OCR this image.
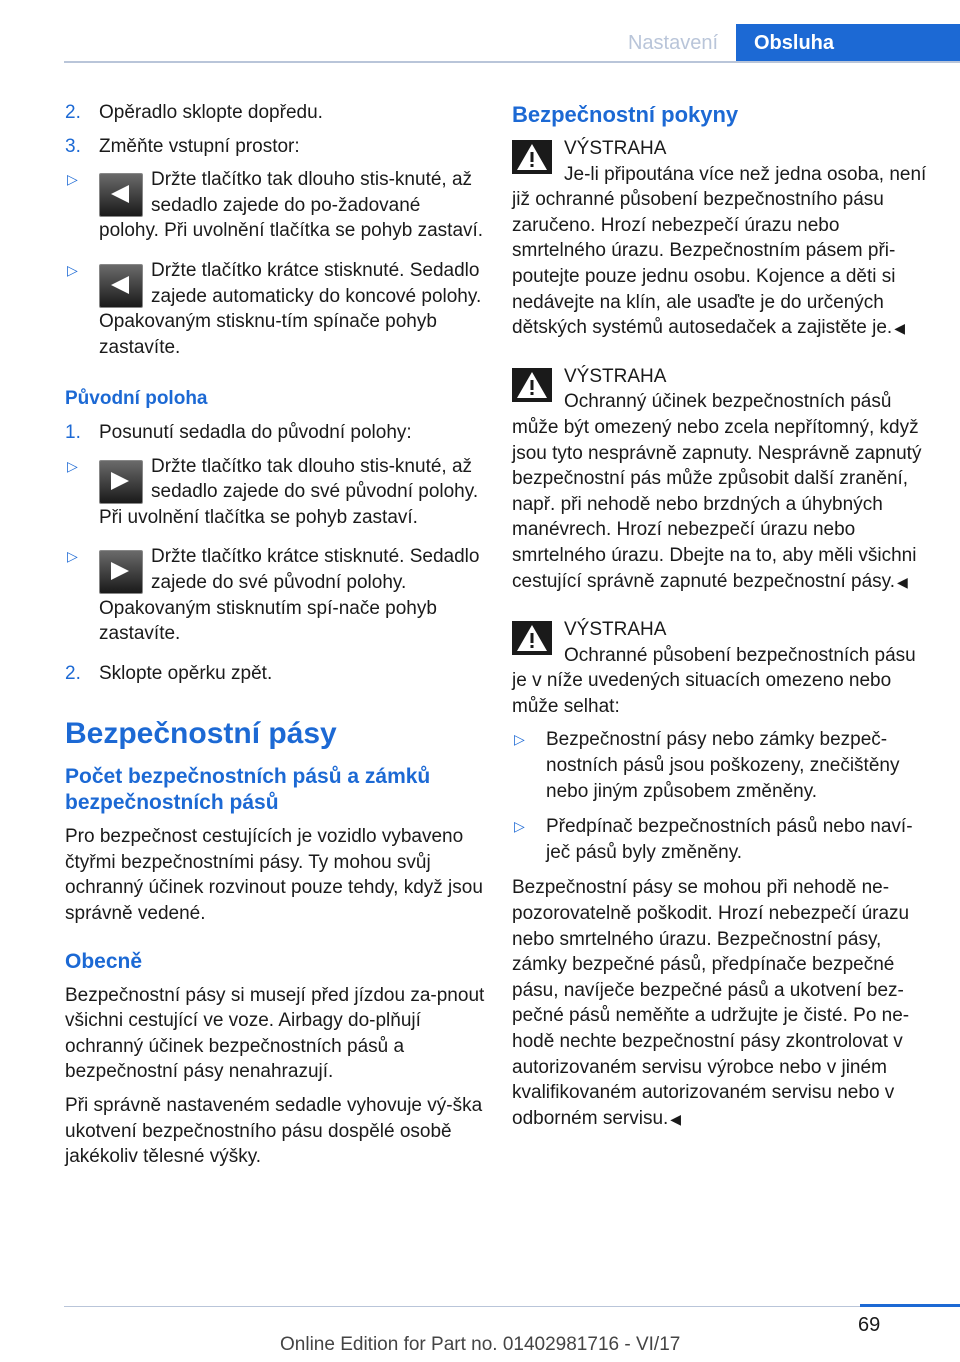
Nastavení	Obsluha
2. Opěradlo sklopte dopředu.
3. Změňte vstupní prostor:
▷	Držte tlačítko tak dlouho stis-knuté, až sedadlo zajede do po-žadované polohy. Při uvolnění tlačítka se pohyb zastaví.
▷	Držte tlačítko krátce stisknuté. Sedadlo zajede automaticky do koncové polohy. Opakovaným stisknu-tím spínače pohyb zastavíte.
Původní poloha
1. Posunutí sedadla do původní polohy:
▷	Držte tlačítko tak dlouho stis-knuté, až sedadlo zajede do své původní polohy. Při uvolnění tlačítka se pohyb zastaví.
▷	Držte tlačítko krátce stisknuté. Sedadlo zajede do své původní polohy. Opakovaným stisknutím spí-nače pohyb zastavíte.
2. Sklopte opěrku zpět.
Bezpečnostní pásy
Počet bezpečnostních pásů a zámků bezpečnostních pásů

Pro bezpečnost cestujících je vozidlo vybaveno čtyřmi bezpečnostními pásy. Ty mohou svůj ochranný účinek rozvinout pouze tehdy, když jsou správně vedené.

Obecně

Bezpečnostní pásy si musejí před jízdou za-pnout všichni cestující ve voze. Airbagy do-plňují ochranný účinek bezpečnostních pásů a bezpečnostní pásy nenahrazují.

Při správně nastaveném sedadle vyhovuje vý-ška ukotvení bezpečnostního pásu dospělé osobě jakékoliv tělesné výšky.

Bezpečnostní pokyny
VÝSTRAHA
Je-li připoutána více než jedna osoba, není již ochranné působení bezpečnostního pásu zaručeno. Hrozí nebezpečí úrazu nebo smrtelného úrazu. Bezpečnostním pásem při-poutejte pouze jednu osobu. Kojence a děti si nedávejte na klín, ale usaďte je do určených dětských systémů autosedaček a zajistěte je. ◀
VÝSTRAHA
Ochranný účinek bezpečnostních pásů může být omezený nebo zcela nepřítomný, když jsou tyto nesprávně zapnuty. Nesprávně zapnutý bezpečnostní pás může způsobit další zranění, např. při nehodě nebo brzdných a úhybných manévrech. Hrozí nebezpečí úrazu nebo smrtelného úrazu. Dbejte na to, aby měli všichni cestující správně zapnuté bezpečnostní pásy. ◀
VÝSTRAHA
Ochranné působení bezpečnostních pásu je v níže uvedených situacích omezeno nebo může selhat:
▷ Bezpečnostní pásy nebo zámky bezpeč-nostních pásů jsou poškozeny, znečištěny nebo jiným způsobem změněny.
▷ Předpínač bezpečnostních pásů nebo naví-ječ pásů byly změněny.

Bezpečnostní pásy se mohou při nehodě ne-pozorovatelně poškodit. Hrozí nebezpečí úrazu nebo smrtelného úrazu. Bezpečnostní pásy, zámky bezpečné pásů, předpínače bezpečné pásu, navíječe bezpečné pásů a ukotvení bez-pečné pásů neměňte a udržujte je čisté. Po ne-hodě nechte bezpečnostní pásy zkontrolovat v autorizovaném servisu výrobce nebo v jiném kvalifikovaném autorizovaném servisu nebo v odborném servisu. ◀

69
Online Edition for Part no. 01402981716 - VI/17
